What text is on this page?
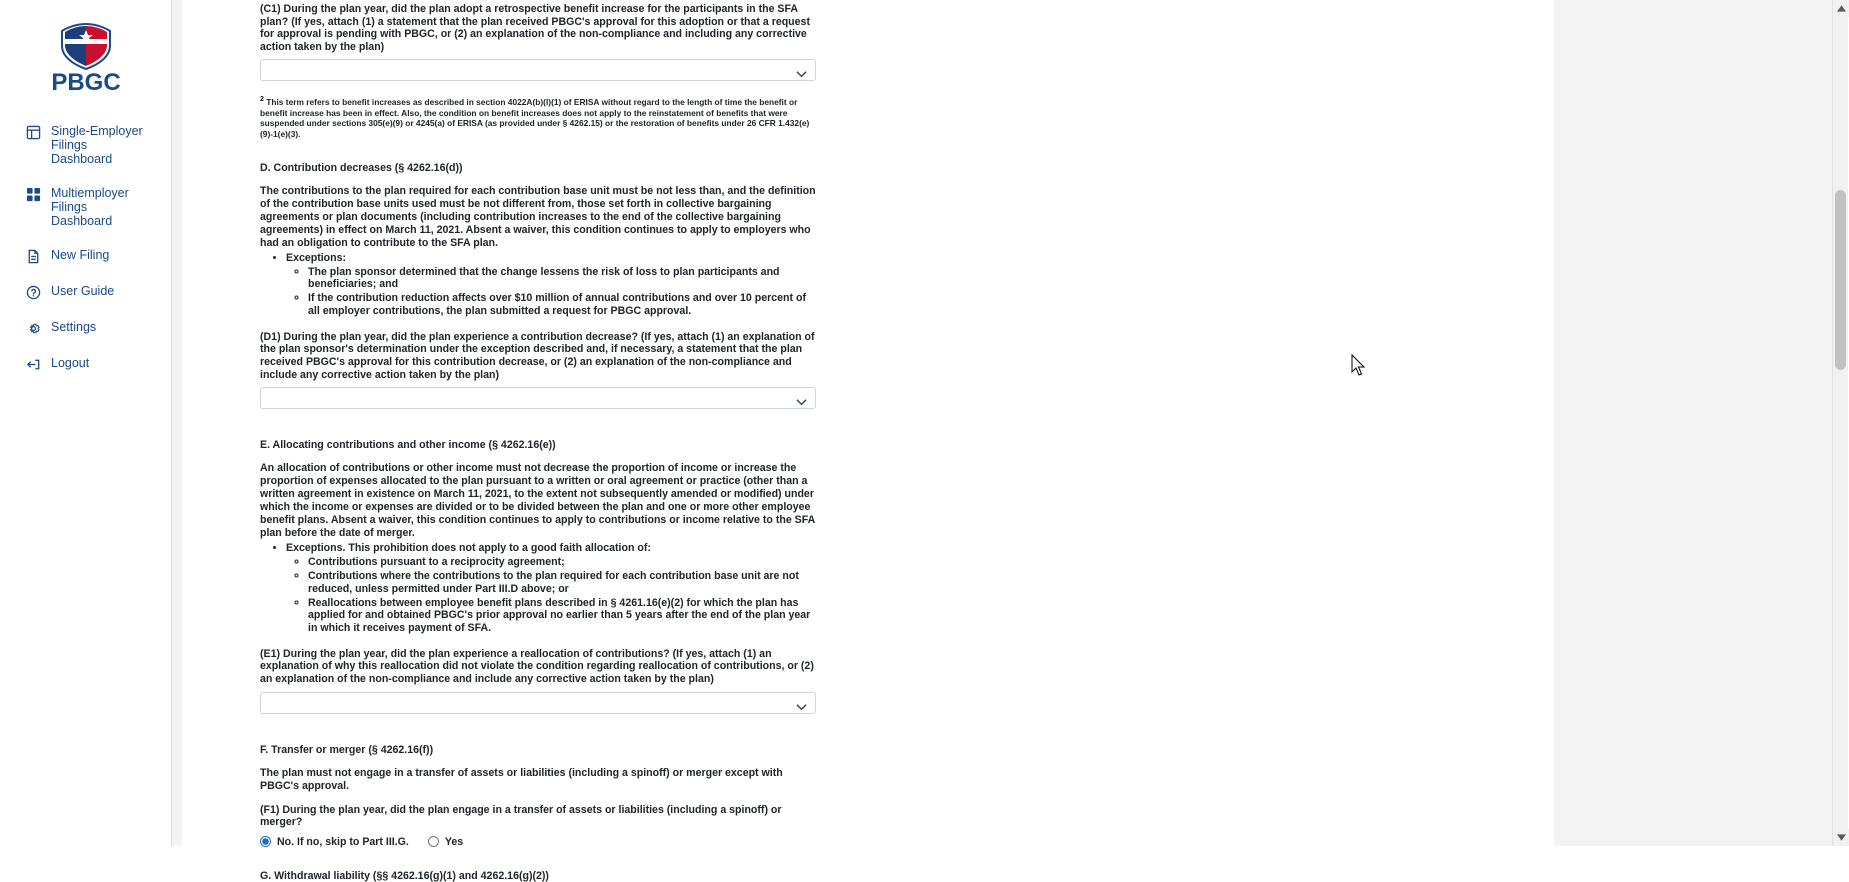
PBGC
Single-Employer Filings Dashboard
Multiemployer Filings Dashboard
New Filing
User Guide
Settings
Logout

(C1) During the plan year, did the plan adopt a retrospective benefit increase for the participants in the SFA plan? (If yes, attach (1) a statement that the plan received PBGC's approval for this adoption or that a request for approval is pending with PBGC, or (2) an explanation of the non-compliance and including any corrective action taken by the plan)

$^2$ This term refers to benefit increases as described in section 4022A(b)(l)(1) of ERISA without regard to the length of time the benefit or benefit increase has been in effect. Also, the condition on benefit increases does not apply to the reinstatement of benefits that were suspended under sections 305(e)(9) or 4245(a) of ERISA (as provided under § 4262.15) or the restoration of benefits under 26 CFR 1.432(e)(9)-1(e)(3).

D. Contribution decreases (§ 4262.16(d))

The contributions to the plan required for each contribution base unit must be not less than, and the definition of the contribution base units used must be not different from, those set forth in collective bargaining agreements or plan documents (including contribution increases to the end of the collective bargaining agreements) in effect on March 11, 2021. Absent a waiver, this condition continues to apply to employers who had an obligation to contribute to the SFA plan.

• Exceptions:
◦ The plan sponsor determined that the change lessens the risk of loss to plan participants and beneficiaries; and
◦ If the contribution reduction affects over $10 million of annual contributions and over 10 percent of all employer contributions, the plan submitted a request for PBGC approval.

(D1) During the plan year, did the plan experience a contribution decrease? (If yes, attach (1) an explanation of the plan sponsor's determination under the exception described and, if necessary, a statement that the plan received PBGC's approval for this contribution decrease, or (2) an explanation of the non-compliance and include any corrective action taken by the plan)

E. Allocating contributions and other income (§ 4262.16(e))

An allocation of contributions or other income must not decrease the proportion of income or increase the proportion of expenses allocated to the plan pursuant to a written or oral agreement or practice (other than a written agreement in existence on March 11, 2021, to the extent not subsequently amended or modified) under which the income or expenses are divided or to be divided between the plan and one or more other employee benefit plans. Absent a waiver, this condition continues to apply to contributions or income relative to the SFA plan before the date of merger.

• Exceptions. This prohibition does not apply to a good faith allocation of:
◦ Contributions pursuant to a reciprocity agreement;
◦ Contributions where the contributions to the plan required for each contribution base unit are not reduced, unless permitted under Part III.D above; or
◦ Reallocations between employee benefit plans described in § 4261.16(e)(2) for which the plan has applied for and obtained PBGC's prior approval no earlier than 5 years after the end of the plan year in which it receives payment of SFA.

(E1) During the plan year, did the plan experience a reallocation of contributions? (If yes, attach (1) an explanation of why this reallocation did not violate the condition regarding reallocation of contributions, or (2) an explanation of the non-compliance and include any corrective action taken by the plan)

F. Transfer or merger (§ 4262.16(f))

The plan must not engage in a transfer of assets or liabilities (including a spinoff) or merger except with PBGC's approval.

(F1) During the plan year, did the plan engage in a transfer of assets or liabilities (including a spinoff) or merger?

No. If no, skip to Part III.G.	Yes
G. Withdrawal liability (§§ 4262.16(g)(1) and 4262.16(g)(2))
